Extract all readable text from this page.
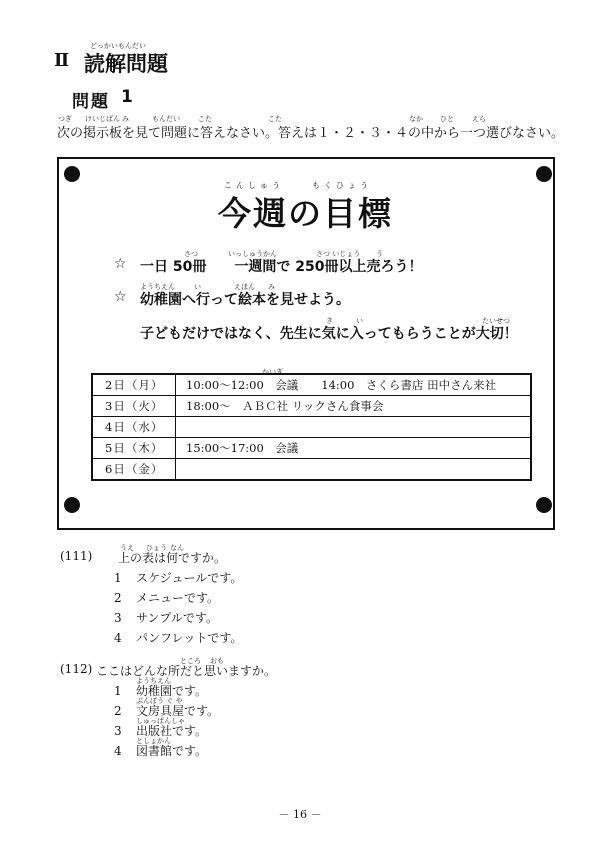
Ⅱ
どっかいもんだい
読解問題
問題 1
つぎ けいじばん み	もんだい	こた	こた	なか ひと	えら
次の掲示板を見て問題に答えなさい。答えは１・２・３・４の中から一つ選びなさい。
こんしゅう	もくひょう
今週の目標
さつ	いっしゅうかん	さつ いじょう う
☆ 一日 50冊　　一週間で 250冊以上売ろう！
ようちえん	い	えほん み
☆ 幼稚園へ行って絵本を見せよう。
き	い	たいせつ
子どもだけではなく、先生に気に入ってもらうことが大切！
かいぎ
2日（月）	10:00～12:00　会議　　14:00　さくら書店 田中さん来社
3日（火）	18:00～　ＡＢＣ社 リックさん食事会
4日（水）	
5日（木）	15:00～17:00　会議
6日（金）	
うえ ひょう なん
(111) 上の表は何ですか。
1 スケジュールです。
2 メニューです。
3 サンプルです。
4 パンフレットです。
ところ おも
(112) ここはどんな所だと思いますか。
ようちえん
1 幼稚園です。
ぶんぼう ぐ や
2 文房具屋です。
しゅっぱんしゃ
3 出版社です。
としょかん
4 図書館です。
－ 16 －
